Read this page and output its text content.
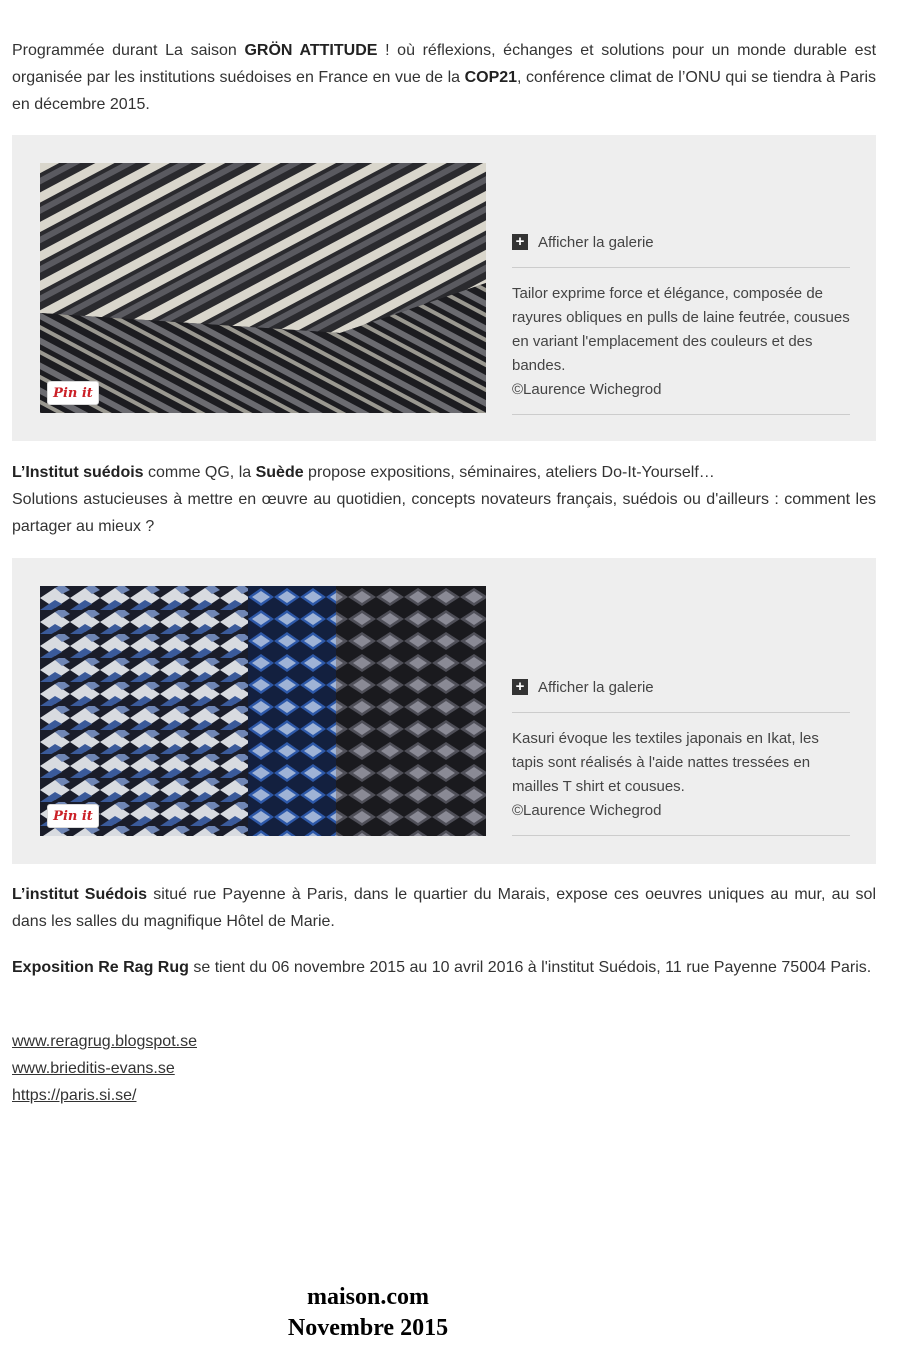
Programmée durant La saison GRÖN ATTITUDE ! où réflexions, échanges et solutions pour un monde durable est organisée par les institutions suédoises en France en vue de la COP21, conférence climat de l’ONU qui se tiendra à Paris en décembre 2015.

Pin it
+ Afficher la galerie
Tailor exprime force et élégance, composée de rayures obliques en pulls de laine feutrée, cousues en variant l'emplacement des couleurs et des bandes.
©Laurence Wichegrod

L’Institut suédois comme QG, la Suède propose expositions, séminaires, ateliers Do-It-Yourself…
Solutions astucieuses à mettre en œuvre au quotidien, concepts novateurs français, suédois ou d'ailleurs : comment les partager au mieux ?

Pin it
+ Afficher la galerie
Kasuri évoque les textiles japonais en Ikat, les tapis sont réalisés à l'aide nattes tressées en mailles T shirt et cousues.
©Laurence Wichegrod

L’institut Suédois situé rue Payenne à Paris, dans le quartier du Marais, expose ces oeuvres uniques au mur, au sol dans les salles du magnifique Hôtel de Marie.

Exposition Re Rag Rug se tient du 06 novembre 2015 au 10 avril 2016 à l'institut Suédois, 11 rue Payenne 75004 Paris.

www.reragrug.blogspot.se
www.brieditis-evans.se
https://paris.si.se/
maison.com
Novembre 2015
